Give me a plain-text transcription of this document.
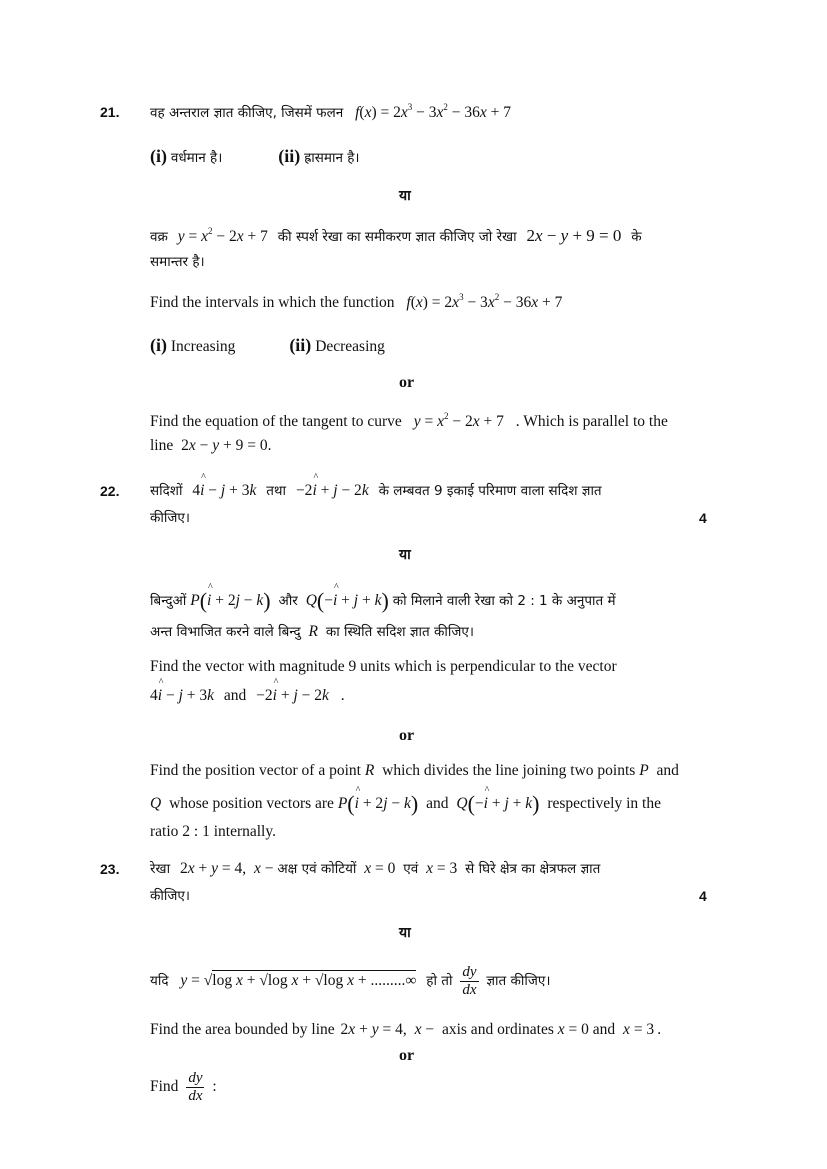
21. वह अन्तराल ज्ञात कीजिए, जिसमें फलन $f(x) = 2x^3 - 3x^2 - 36x + 7$
(i) वर्धमान है।	(ii) ह्रासमान है।
या
वक्र $y = x^2 - 2x + 7$ की स्पर्श रेखा का समीकरण ज्ञात कीजिए जो रेखा 2x − y + 9 = 0 के
समान्तर है।
Find the intervals in which the function $f(x) = 2x^3 - 3x^2 - 36x + 7$
(i) Increasing	(ii) Decreasing
or
Find the equation of the tangent to curve $y = x^2 - 2x + 7$ . Which is parallel to the
line 2x − y + 9 = 0.
22. सदिशों 4^ i − j + 3k तथा −2^ i + j − 2k के लम्बवत 9 इकाई परिमाण वाला सदिश ज्ञात
कीजिए।	4
या
बिन्दुओं P(^ i + 2j − k) और Q(−^ i + j + k) को मिलाने वाली रेखा को 2 : 1 के अनुपात में
अन्त विभाजित करने वाले बिन्दु R का स्थिति सदिश ज्ञात कीजिए।
Find the vector with magnitude 9 units which is perpendicular to the vector
4^ i − j + 3k and −2^ i + j − 2k .
or
Find the position vector of a point R which divides the line joining two points P and
Q whose position vectors are P(^ i + 2j − k) and Q(−^ i + j + k) respectively in the
ratio 2 : 1 internally.
23. रेखा 2x + y = 4, x − अक्ष एवं कोटियों x = 0 एवं x = 3 से घिरे क्षेत्र का क्षेत्रफल ज्ञात
कीजिए।	4
या
यदि y = √log x + √log x + √log x + .........∞ हो तो $\frac{dy}{dx}$ ज्ञात कीजिए।
Find the area bounded by line 2x + y = 4, x − axis and ordinates x = 0 and x = 3 .
or
Find $\frac{dy}{dx}$ :
